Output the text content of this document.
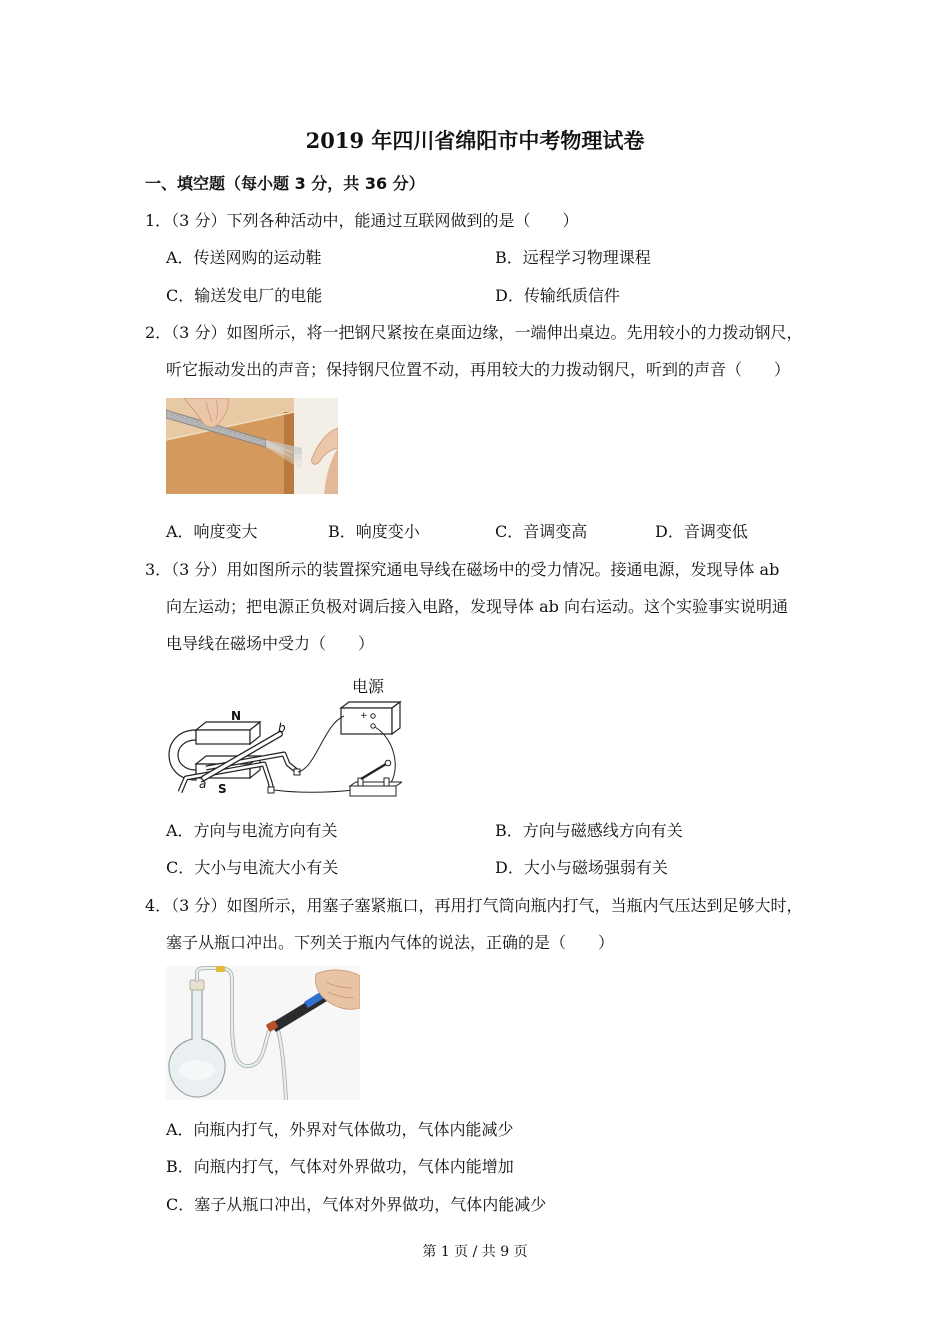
2019 年四川省绵阳市中考物理试卷
一、填空题（每小题 3 分，共 36 分）
1．（3 分）下列各种活动中，能通过互联网做到的是（　　）
A．传送网购的运动鞋	B．远程学习物理课程
C．输送发电厂的电能	D．传输纸质信件
2．（3 分）如图所示，将一把钢尺紧按在桌面边缘，一端伸出桌边。先用较小的力拨动钢尺，
听它振动发出的声音；保持钢尺位置不动，再用较大的力拨动钢尺，听到的声音（　　）
A．响度变大	B．响度变小	C．音调变高	D．音调变低
3．（3 分）用如图所示的装置探究通电导线在磁场中的受力情况。接通电源，发现导体 ab
向左运动；把电源正负极对调后接入电路，发现导体 ab 向右运动。这个实验事实说明通
电导线在磁场中受力（　　）
N
S
b
a
+
电源
A．方向与电流方向有关	B．方向与磁感线方向有关
C．大小与电流大小有关	D．大小与磁场强弱有关
4．（3 分）如图所示，用塞子塞紧瓶口，再用打气筒向瓶内打气，当瓶内气压达到足够大时，
塞子从瓶口冲出。下列关于瓶内气体的说法，正确的是（　　）
A．向瓶内打气，外界对气体做功，气体内能减少
B．向瓶内打气，气体对外界做功，气体内能增加
C．塞子从瓶口冲出，气体对外界做功，气体内能减少
第 1 页 / 共 9 页
